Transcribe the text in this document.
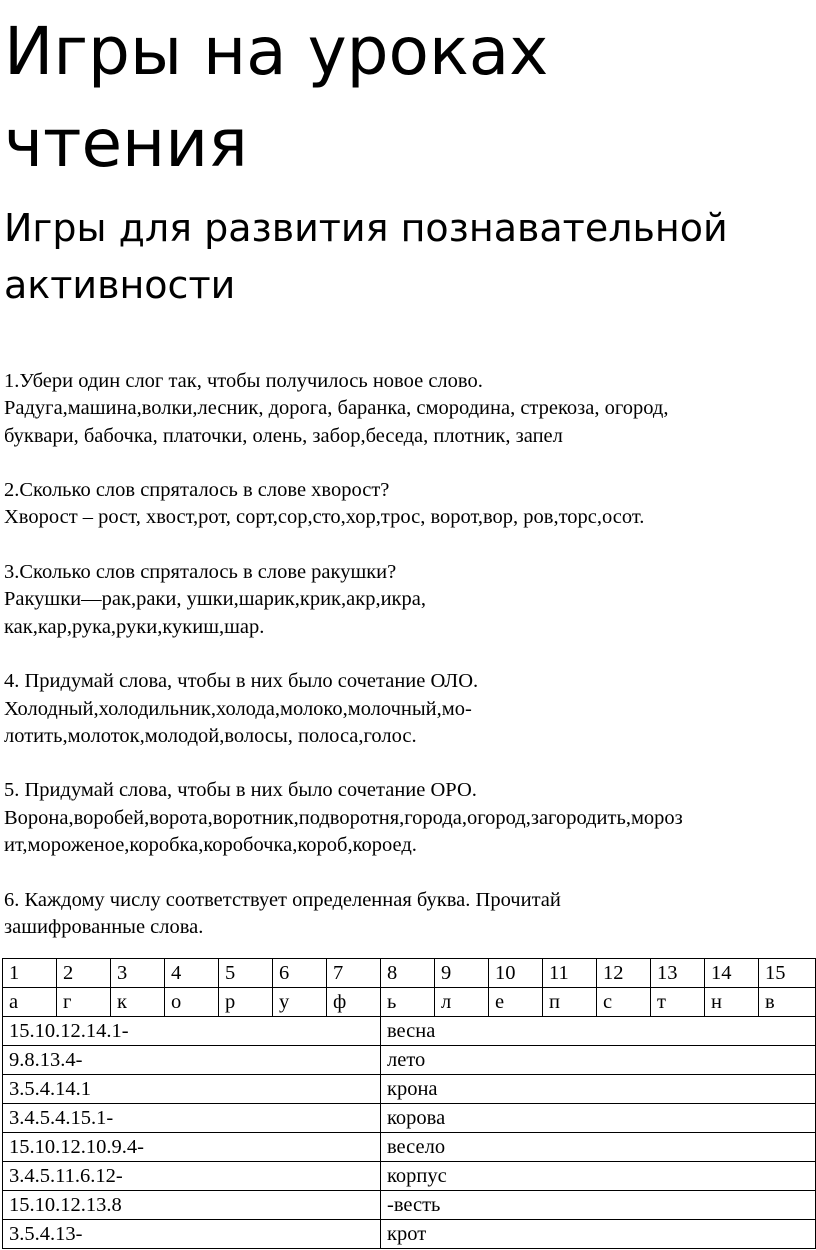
Игры на уроках чтения
Игры для развития познавательной активности

1.Убери один слог так, чтобы получилось новое слово.

Радуга,машина,волки,лесник, дорога, баранка, смородина, стрекоза, огород,

буквари, бабочка, платочки, олень, забор,беседа, плотник, запел

2.Сколько слов спряталось в слове хворост?

Хворост – рост, хвост,рот, сорт,сор,сто,хор,трос, ворот,вор, ров,торс,осот.

3.Сколько слов спряталось в слове ракушки?

Ракушки—рак,раки, ушки,шарик,крик,акр,икра,

как,кар,рука,руки,кукиш,шар.

4. Придумай слова, чтобы в них было сочетание ОЛО.

Холодный,холодильник,холода,молоко,молочный,мо-

лотить,молоток,молодой,волосы, полоса,голос.

5. Придумай слова, чтобы в них было сочетание ОРО.

Ворона,воробей,ворота,воротник,подворотня,города,огород,загородить,мороз

ит,мороженое,коробка,коробочка,короб,короед.

6. Каждому числу соответствует определенная буква. Прочитай

зашифрованные слова.

1	2	3	4	5	6	7	8	9	10	11	12	13	14	15
а	г	к	о	р	у	ф	ь	л	е	п	с	т	н	в
15.10.12.14.1-							весна							
9.8.13.4-							лето							
3.5.4.14.1							крона							
3.4.5.4.15.1-							корова							
15.10.12.10.9.4-							весело							
3.4.5.11.6.12-							корпус							
15.10.12.13.8							-весть							
3.5.4.13-							крот							
